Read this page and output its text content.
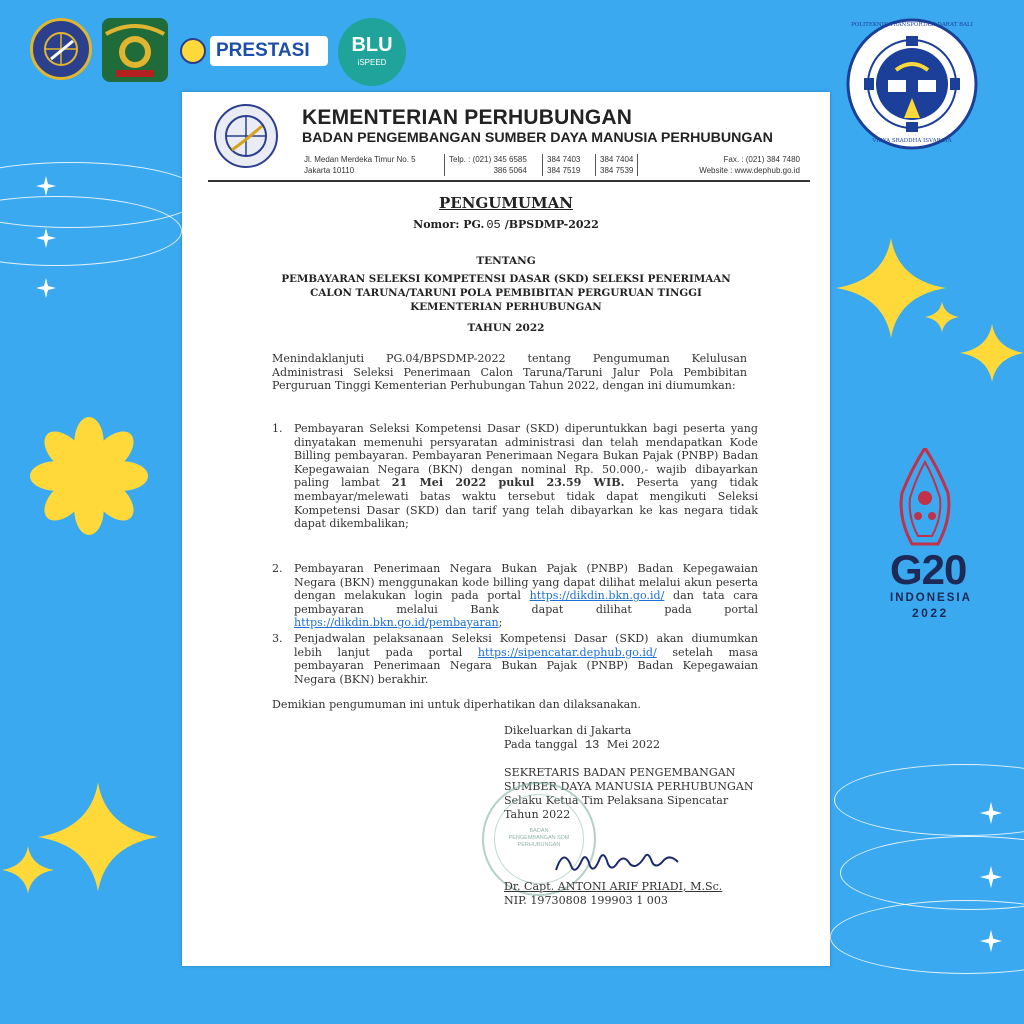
PRESTASI	BLU
iSPEED
POLITEKNIK TRANSPORTASI DARAT BALI
VIDYA SRADDHA ISVARAYA
G20
INDONESIA
2022
KEMENTERIAN PERHUBUNGAN
BADAN PENGEMBANGAN SUMBER DAYA MANUSIA PERHUBUNGAN
Jl. Medan Merdeka Timur No. 5
Jakarta 10110
Telp. : (021) 345 6585
386 5064
384 7403
384 7519
384 7404
384 7539
Fax. : (021) 384 7480
Website : www.dephub.go.id
PENGUMUMAN
Nomor: PG. 05 /BPSDMP-2022
TENTANG
PEMBAYARAN SELEKSI KOMPETENSI DASAR (SKD) SELEKSI PENERIMAAN
CALON TARUNA/TARUNI POLA PEMBIBITAN PERGURUAN TINGGI
KEMENTERIAN PERHUBUNGAN
TAHUN 2022
Menindaklanjuti PG.04/BPSDMP-2022 tentang Pengumuman Kelulusan Administrasi Seleksi Penerimaan Calon Taruna/Taruni Jalur Pola Pembibitan Perguruan Tinggi Kementerian Perhubungan Tahun 2022, dengan ini diumumkan:
1. Pembayaran Seleksi Kompetensi Dasar (SKD) diperuntukkan bagi peserta yang dinyatakan memenuhi persyaratan administrasi dan telah mendapatkan Kode Billing pembayaran. Pembayaran Penerimaan Negara Bukan Pajak (PNBP) Badan Kepegawaian Negara (BKN) dengan nominal Rp. 50.000,- wajib dibayarkan paling lambat 21 Mei 2022 pukul 23.59 WIB. Peserta yang tidak membayar/melewati batas waktu tersebut tidak dapat mengikuti Seleksi Kompetensi Dasar (SKD) dan tarif yang telah dibayarkan ke kas negara tidak dapat dikembalikan;
2. Pembayaran Penerimaan Negara Bukan Pajak (PNBP) Badan Kepegawaian Negara (BKN) menggunakan kode billing yang dapat dilihat melalui akun peserta dengan melakukan login pada portal https://dikdin.bkn.go.id/ dan tata cara pembayaran melalui Bank dapat dilihat pada portal https://dikdin.bkn.go.id/pembayaran;
3. Penjadwalan pelaksanaan Seleksi Kompetensi Dasar (SKD) akan diumumkan lebih lanjut pada portal https://sipencatar.dephub.go.id/ setelah masa pembayaran Penerimaan Negara Bukan Pajak (PNBP) Badan Kepegawaian Negara (BKN) berakhir.
Demikian pengumuman ini untuk diperhatikan dan dilaksanakan.
Dikeluarkan di Jakarta
Pada tanggal 13 Mei 2022
SEKRETARIS BADAN PENGEMBANGAN
SUMBER DAYA MANUSIA PERHUBUNGAN
Selaku Ketua Tim Pelaksana Sipencatar
Tahun 2022
BADAN PENGEMBANGAN SDM PERHUBUNGAN
Dr. Capt. ANTONI ARIF PRIADI, M.Sc.
NIP. 19730808 199903 1 003
